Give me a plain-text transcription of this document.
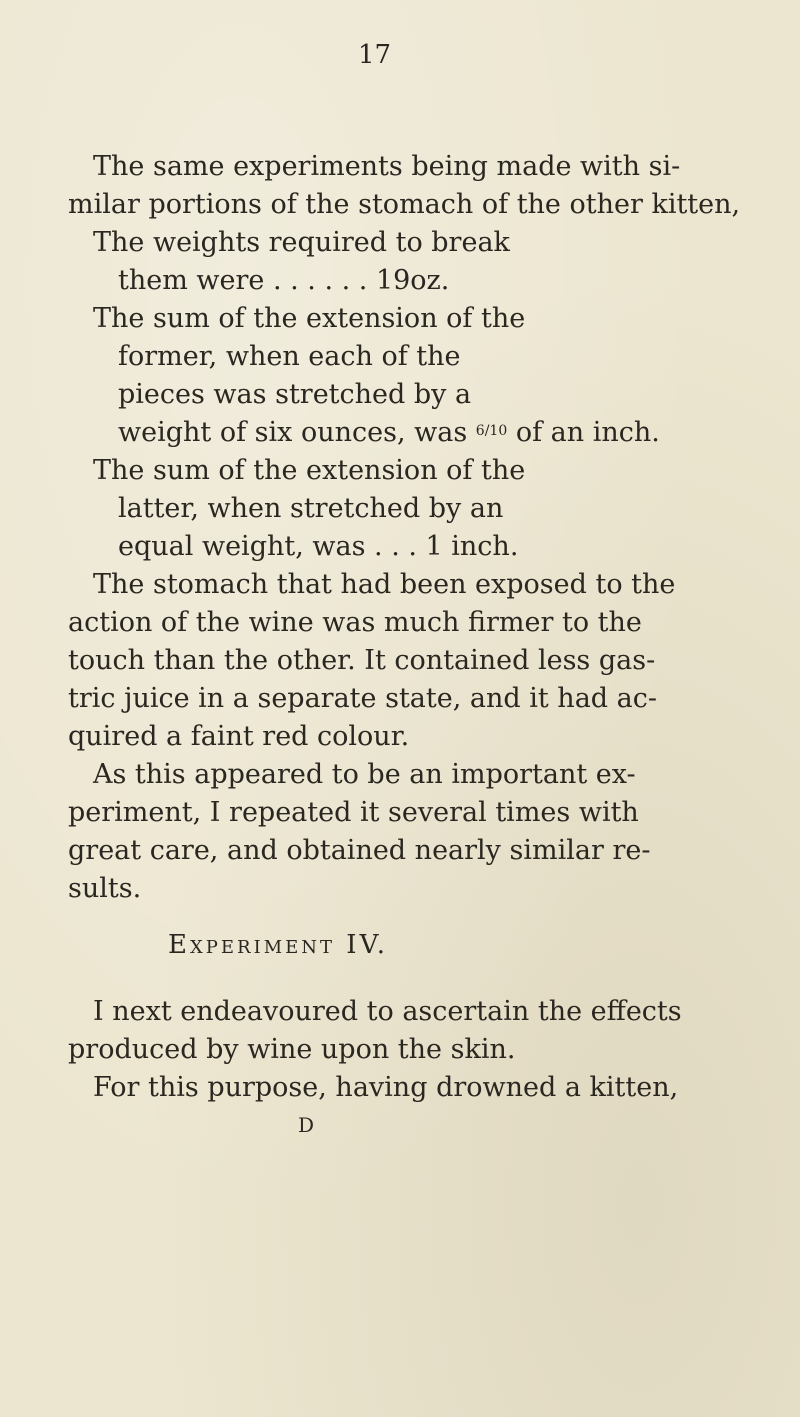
17
The same experiments being made with si-
milar portions of the stomach of the other kitten,
The weights required to break
them were . . . . . . 19oz.
The sum of the extension of the
former, when each of the
pieces was stretched by a
weight of six ounces, was 6/10 of an inch.
The sum of the extension of the
latter, when stretched by an
equal weight, was . . . 1 inch.
The stomach that had been exposed to the
action of the wine was much firmer to the
touch than the other. It contained less gas-
tric juice in a separate state, and it had ac-
quired a faint red colour.
As this appeared to be an important ex-
periment, I repeated it several times with
great care, and obtained nearly similar re-
sults.
Experiment IV.
I next endeavoured to ascertain the effects
produced by wine upon the skin.
For this purpose, having drowned a kitten,
D
